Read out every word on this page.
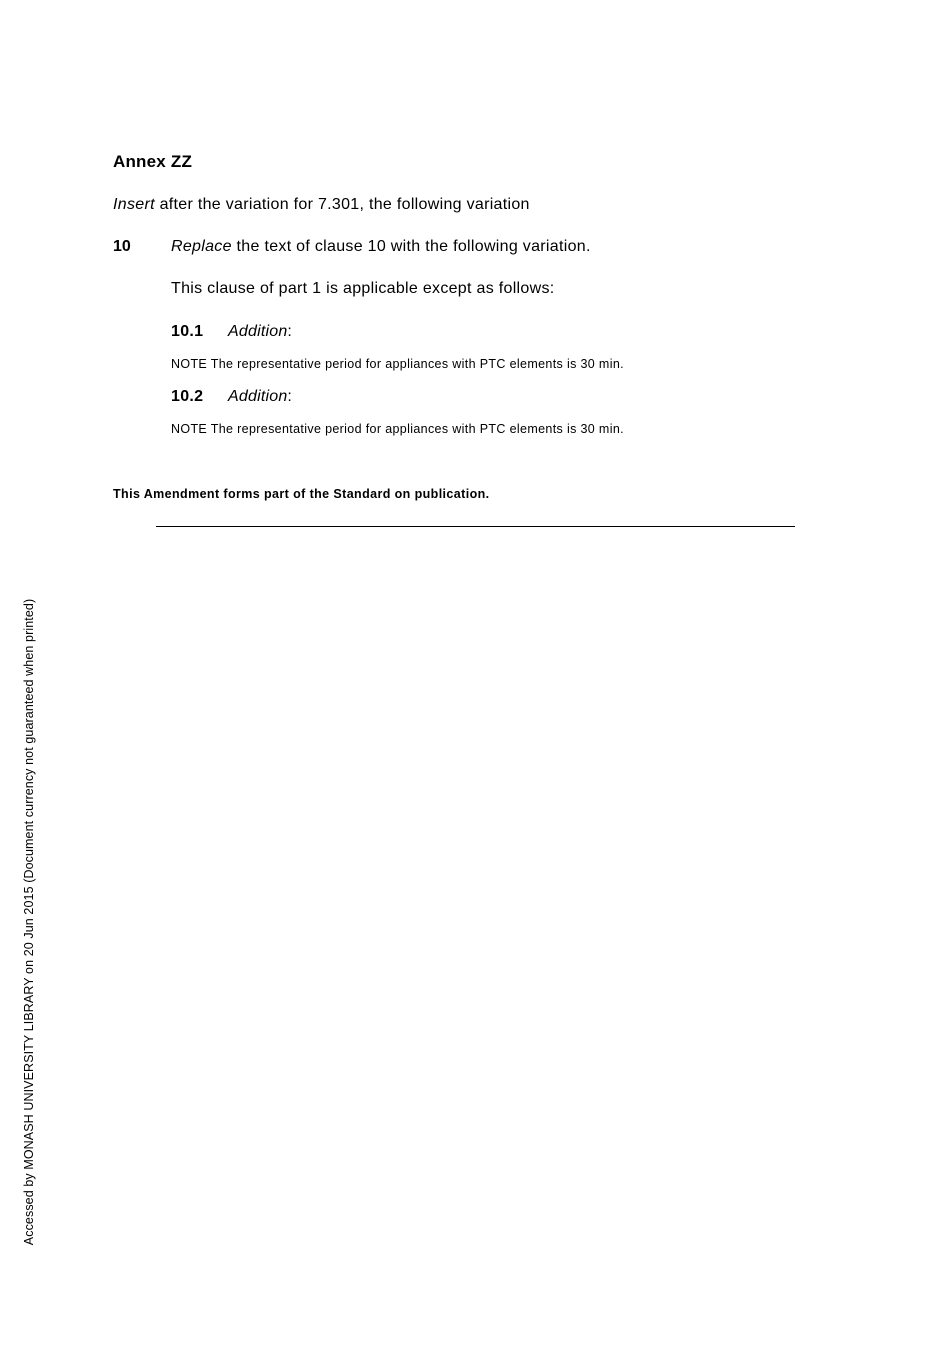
Annex ZZ
Insert after the variation for 7.301, the following variation
10	Replace the text of clause 10 with the following variation.
This clause of part 1 is applicable except as follows:
10.1 Addition:
NOTE The representative period for appliances with PTC elements is 30 min.
10.2 Addition:
NOTE The representative period for appliances with PTC elements is 30 min.
This Amendment forms part of the Standard on publication.
Accessed by MONASH UNIVERSITY LIBRARY on 20 Jun 2015 (Document currency not guaranteed when printed)
